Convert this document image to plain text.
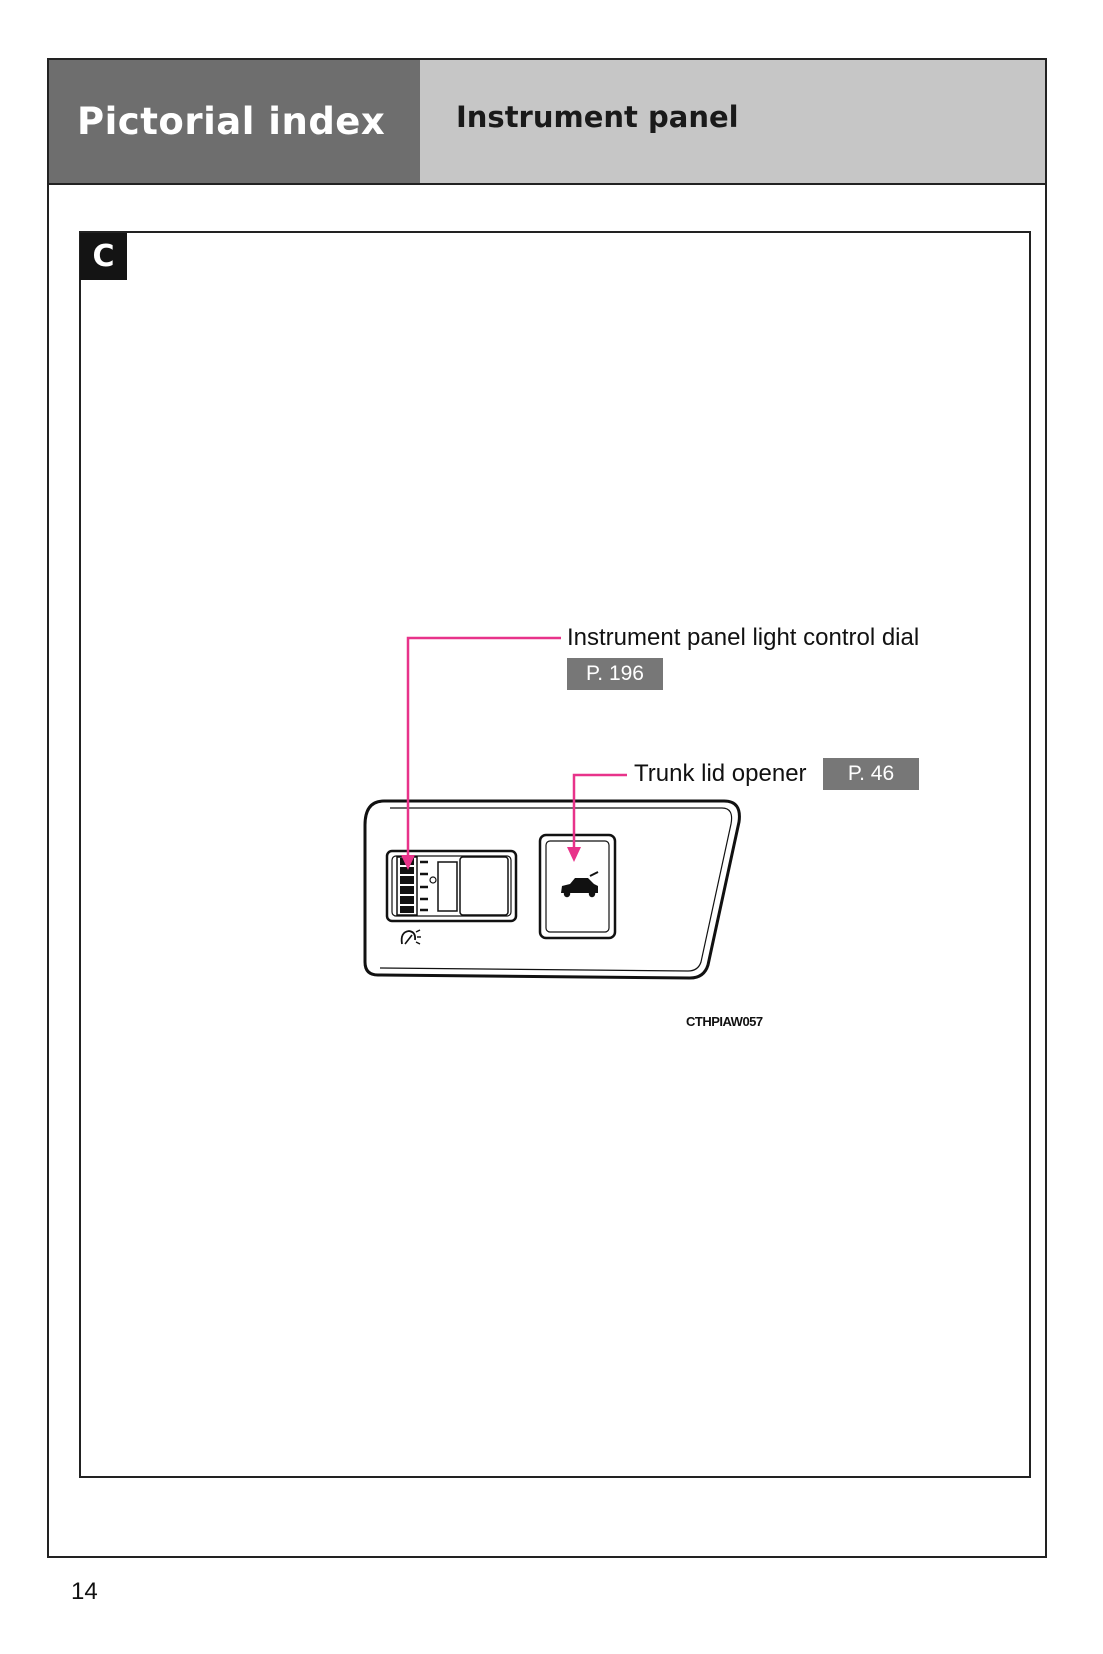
Pictorial index Instrument panel
C
Instrument panel light control dial
P. 196
Trunk lid opener	P. 46
CTHPIAW057
14
